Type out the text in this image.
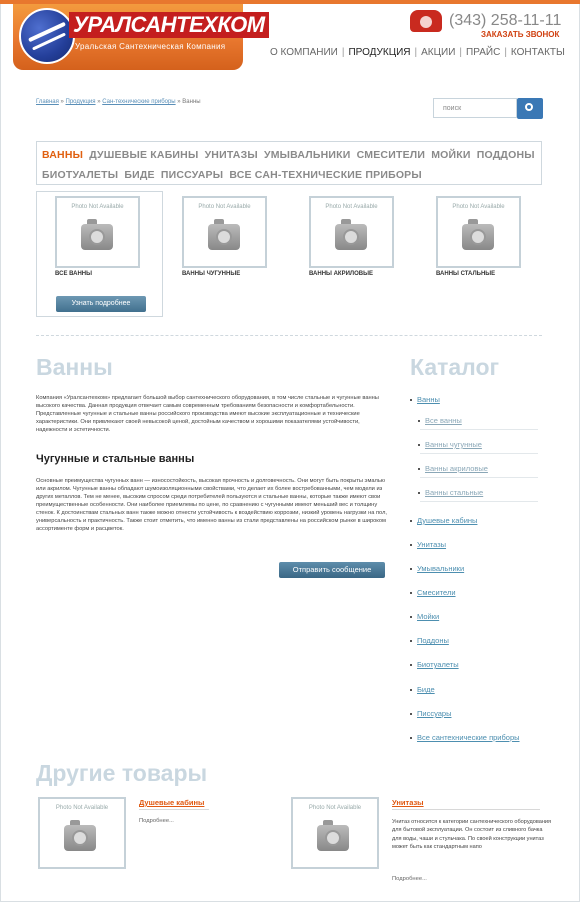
УРАЛСАНТЕХКОМ
Уральская Сантехническая Компания
(343) 258-11-11
ЗАКАЗАТЬ ЗВОНОК
О КОМПАНИИ | ПРОДУКЦИЯ | АКЦИИ | ПРАЙС | КОНТАКТЫ
Главная » Продукция » Сан-технические приборы » Ванны
поиск
ВАННЫ ДУШЕВЫЕ КАБИНЫ УНИТАЗЫ УМЫВАЛЬНИКИ СМЕСИТЕЛИ МОЙКИ ПОДДОНЫ
БИОТУАЛЕТЫ БИДЕ ПИССУАРЫ ВСЕ САН-ТЕХНИЧЕСКИЕ ПРИБОРЫ
Photo Not Available
ВСЕ ВАННЫ
Photo Not Available
ВАННЫ ЧУГУННЫЕ
Photo Not Available
ВАННЫ АКРИЛОВЫЕ
Photo Not Available
ВАННЫ СТАЛЬНЫЕ
Узнать подробнее
Ванны
Компания «Уралсантехком» предлагает большой выбор сантехнического оборудования, в том числе стальные и чугунные ванны высокого качества. Данная продукция отвечает самым современным требованиям безопасности и комфортабельности. Представленные чугунные и стальные ванны российского производства имеют высокие эксплуатационные и технические характеристики. Они привлекают своей невысокой ценой, достойным качеством и хорошими показателями устойчивости, надежности и эстетичности.
Чугунные и стальные ванны
Основные преимущества чугунных ванн — износостойкость, высокая прочность и долговечность. Они могут быть покрыты эмалью или акрилом. Чугунные ванны обладают шумоизоляционными свойствами, что делает их более востребованными, чем модели из других металлов. Тем не менее, высоким спросом среди потребителей пользуются и стальные ванны, которые также имеют свои преимущественные особенности. Они наиболее приемлемы по цене, по сравнению с чугунными имеют меньший вес и толщину стенок. К достоинствам стальных ванн также можно отнести устойчивость к воздействию коррозии, низкий уровень нагрузки на пол, универсальность и практичность. Также стоит отметить, что именно ванны из стали представлены на российском рынке в широком ассортименте форм и расцветок.
Отправить сообщение
Каталог
Ванны
Все ванны
Ванны чугунные
Ванны акриловые
Ванны стальные
Душевые кабины
Унитазы
Умывальники
Смесители
Мойки
Поддоны
Биотуалеты
Биде
Писсуары
Все сантехнические приборы
Другие товары
Photo Not Available
Душевые кабины
Подробнее...
Photo Not Available
Унитазы
Унитаз относится к категории сантехнического оборудования для бытовой эксплуатации. Он состоит из сливного бачка для воды, чаши и стульчака. По своей конструкции унитаз может быть как стандартным напо
Подробнее...
